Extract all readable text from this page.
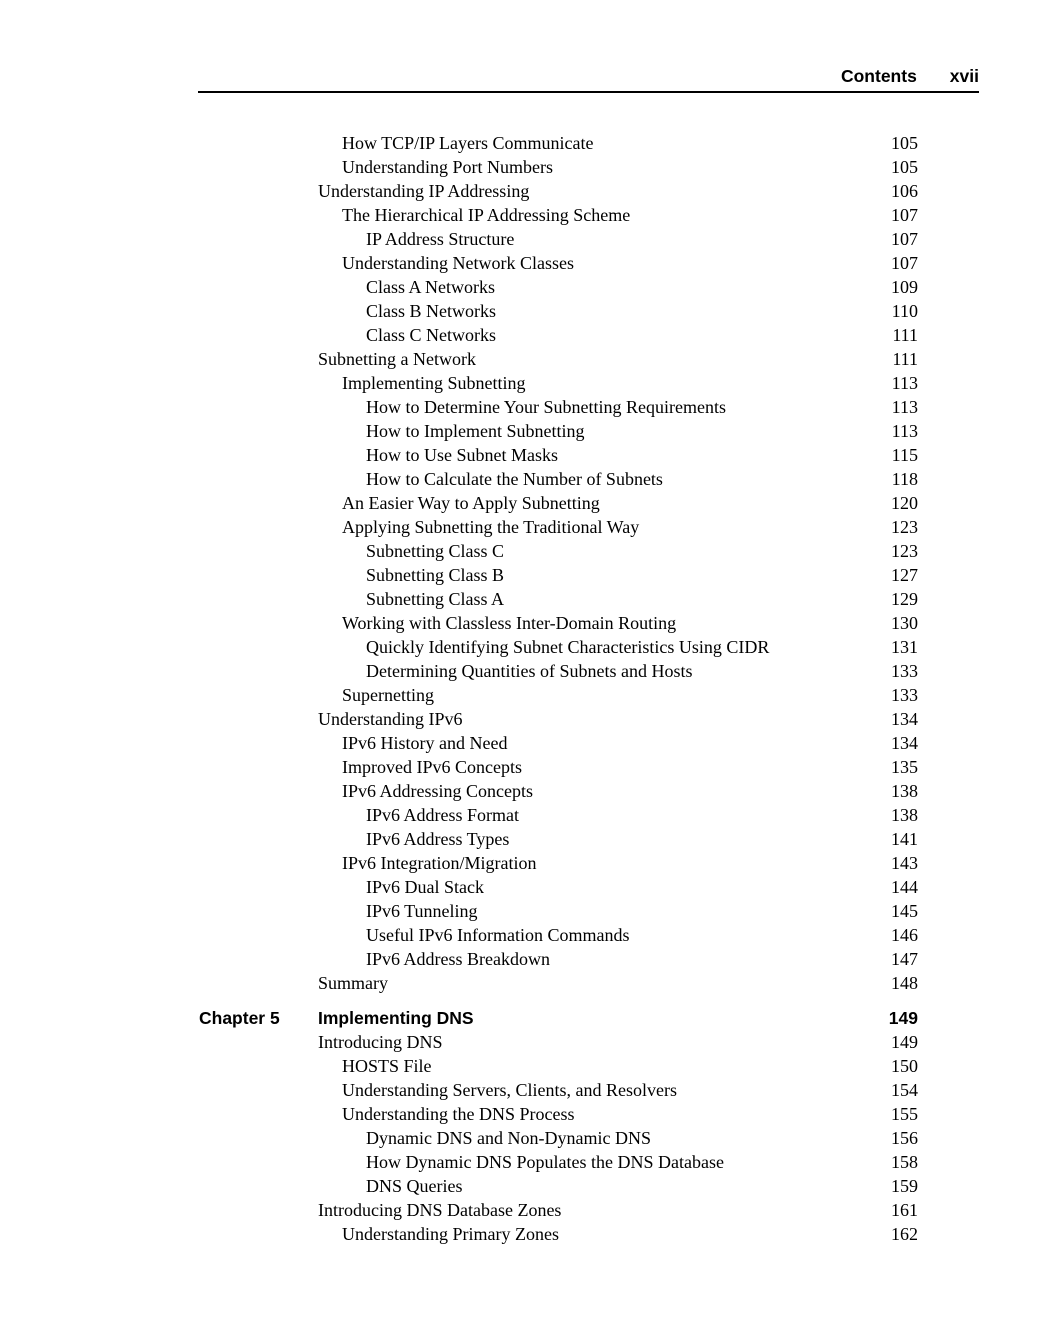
Contents xvii
How TCP/IP Layers Communicate	105
Understanding Port Numbers	105
Understanding IP Addressing	106
The Hierarchical IP Addressing Scheme	107
IP Address Structure	107
Understanding Network Classes	107
Class A Networks	109
Class B Networks	110
Class C Networks	111
Subnetting a Network	111
Implementing Subnetting	113
How to Determine Your Subnetting Requirements	113
How to Implement Subnetting	113
How to Use Subnet Masks	115
How to Calculate the Number of Subnets	118
An Easier Way to Apply Subnetting	120
Applying Subnetting the Traditional Way	123
Subnetting Class C	123
Subnetting Class B	127
Subnetting Class A	129
Working with Classless Inter-Domain Routing	130
Quickly Identifying Subnet Characteristics Using CIDR	131
Determining Quantities of Subnets and Hosts	133
Supernetting	133
Understanding IPv6	134
IPv6 History and Need	134
Improved IPv6 Concepts	135
IPv6 Addressing Concepts	138
IPv6 Address Format	138
IPv6 Address Types	141
IPv6 Integration/Migration	143
IPv6 Dual Stack	144
IPv6 Tunneling	145
Useful IPv6 Information Commands	146
IPv6 Address Breakdown	147
Summary	148
Chapter 5	Implementing DNS	149
Introducing DNS	149
HOSTS File	150
Understanding Servers, Clients, and Resolvers	154
Understanding the DNS Process	155
Dynamic DNS and Non-Dynamic DNS	156
How Dynamic DNS Populates the DNS Database	158
DNS Queries	159
Introducing DNS Database Zones	161
Understanding Primary Zones	162
